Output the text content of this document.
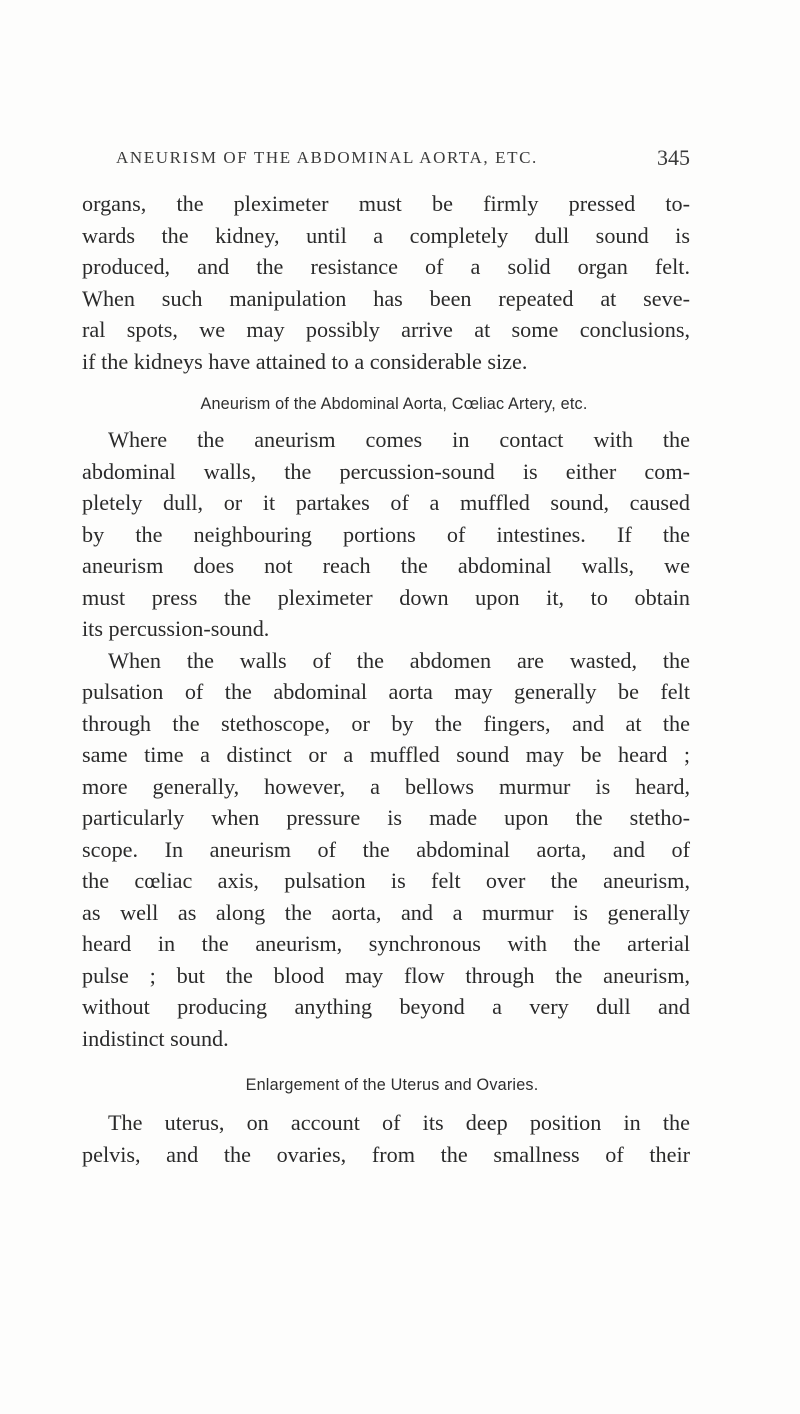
ANEURISM OF THE ABDOMINAL AORTA, ETC.	345

organs, the pleximeter must be firmly pressed to-
wards the kidney, until a completely dull sound is
produced, and the resistance of a solid organ felt.
When such manipulation has been repeated at seve-
ral spots, we may possibly arrive at some conclusions,
if the kidneys have attained to a considerable size.

Aneurism of the Abdominal Aorta, Cœliac Artery, etc.

Where the aneurism comes in contact with the
abdominal walls, the percussion-sound is either com-
pletely dull, or it partakes of a muffled sound, caused
by the neighbouring portions of intestines. If the
aneurism does not reach the abdominal walls, we
must press the pleximeter down upon it, to obtain
its percussion-sound.

When the walls of the abdomen are wasted, the
pulsation of the abdominal aorta may generally be felt
through the stethoscope, or by the fingers, and at the
same time a distinct or a muffled sound may be heard ;
more generally, however, a bellows murmur is heard,
particularly when pressure is made upon the stetho-
scope. In aneurism of the abdominal aorta, and of
the cœliac axis, pulsation is felt over the aneurism,
as well as along the aorta, and a murmur is generally
heard in the aneurism, synchronous with the arterial
pulse ; but the blood may flow through the aneurism,
without producing anything beyond a very dull and
indistinct sound.

Enlargement of the Uterus and Ovaries.

The uterus, on account of its deep position in the
pelvis, and the ovaries, from the smallness of their
